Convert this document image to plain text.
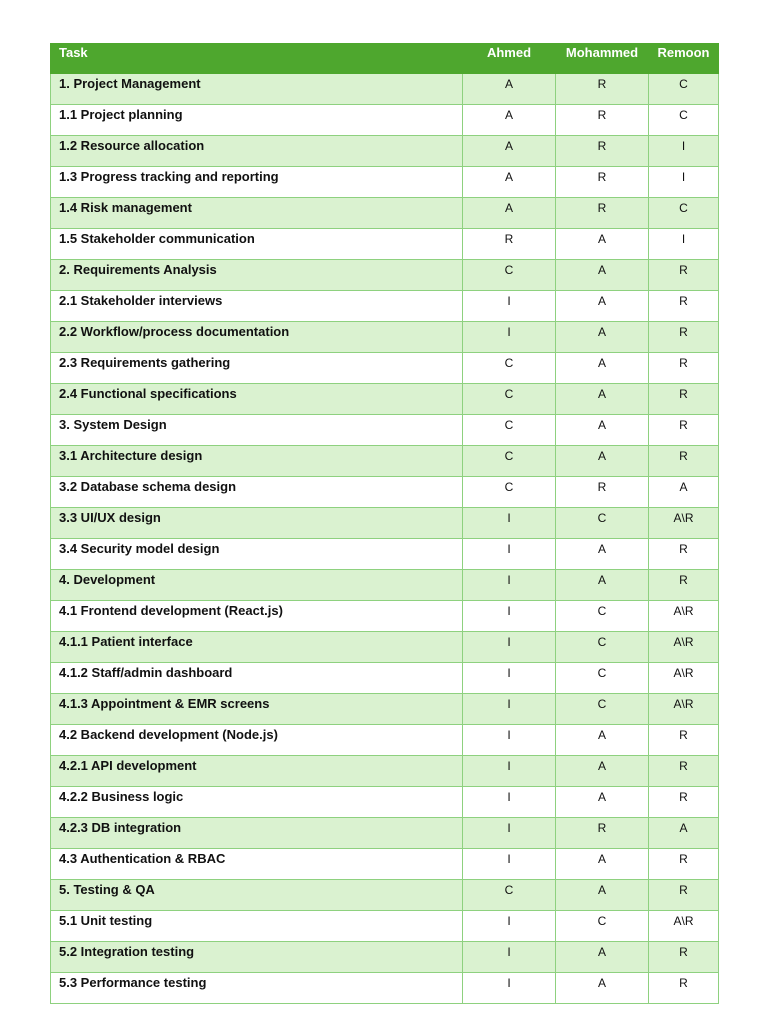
Task	Ahmed	Mohammed	Remoon
1. Project Management	A	R	C
1.1 Project planning	A	R	C
1.2 Resource allocation	A	R	I
1.3 Progress tracking and reporting	A	R	I
1.4 Risk management	A	R	C
1.5 Stakeholder communication	R	A	I
2. Requirements Analysis	C	A	R
2.1 Stakeholder interviews	I	A	R
2.2 Workflow/process documentation	I	A	R
2.3 Requirements gathering	C	A	R
2.4 Functional specifications	C	A	R
3. System Design	C	A	R
3.1 Architecture design	C	A	R
3.2 Database schema design	C	R	A
3.3 UI/UX design	I	C	A\R
3.4 Security model design	I	A	R
4. Development	I	A	R
4.1 Frontend development (React.js)	I	C	A\R
4.1.1 Patient interface	I	C	A\R
4.1.2 Staff/admin dashboard	I	C	A\R
4.1.3 Appointment & EMR screens	I	C	A\R
4.2 Backend development (Node.js)	I	A	R
4.2.1 API development	I	A	R
4.2.2 Business logic	I	A	R
4.2.3 DB integration	I	R	A
4.3 Authentication & RBAC	I	A	R
5. Testing & QA	C	A	R
5.1 Unit testing	I	C	A\R
5.2 Integration testing	I	A	R
5.3 Performance testing	I	A	R
